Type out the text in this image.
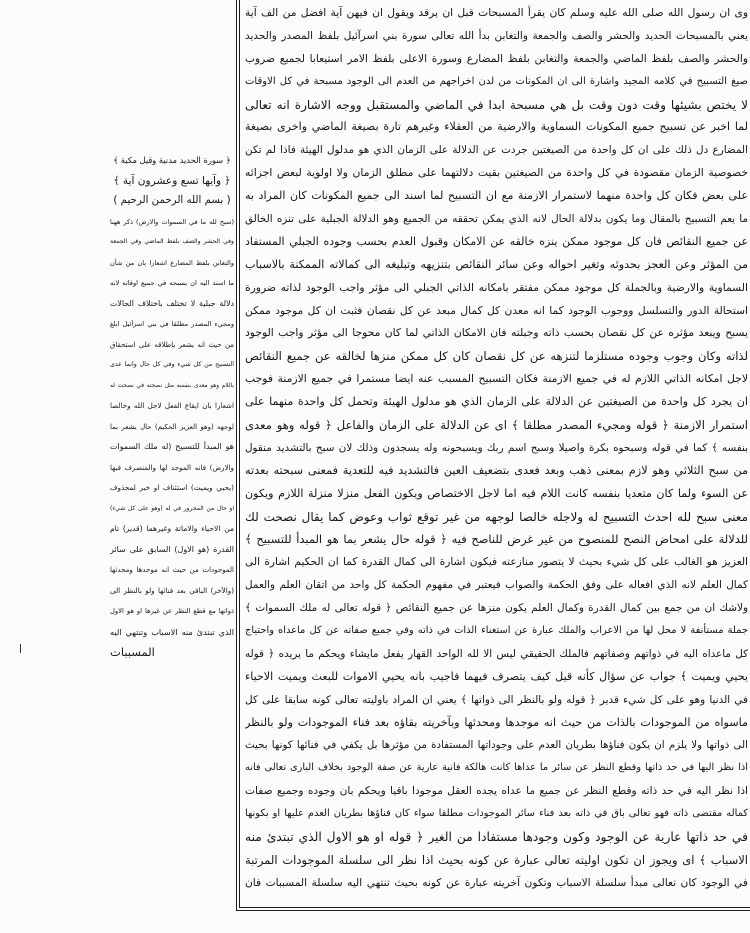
وى ان رسول الله صلى الله عليه وسلم كان يقرأ المسبحات قبل ان يرقد ويقول ان فيهن آية افضل من الف آية
يعني بالمسبحات الحديد والحشر والصف والجمعة والتغابن بدأ الله تعالى سورة بني اسرآئيل بلفظ المصدر والحديد
والحشر والصف بلفظ الماضي والجمعة والتغابن بلفظ المضارع وسورة الاعلى بلفظ الامر استيعابا لجميع ضروب
صيغ التسبيح في كلامه المجيد واشارة الى ان المكونات من لدن اخراجهم من العدم الى الوجود مسبحة في كل الاوقات
لا يختص بشيئها وقت دون وقت بل هي مسبحة ابدا في الماضي والمستقبل ووجه الاشارة انه تعالى
لما اخبر عن تسبيح جميع المكونات السماوية والارضية من العقلاء وغيرهم تارة بصيغة الماضي واخرى بصيغة
المضارع دل ذلك على ان كل واحدة من الصيغتين جردت عن الدلالة على الزمان الذي هو مدلول الهيئة فاذا لم تكن
خصوصية الزمان مقصودة في كل واحدة من الصيغتين بقيت دلالتهما على مطلق الزمان ولا اولوية لبعض اجزائه
على بعض فكان كل واحدة منهما لاستمرار الازمنة مع ان التسبيح لما اسند الى جميع المكونات كان المراد به
ما يعم التسبيح بالمقال وما يكون بدلالة الحال لانه الذي يمكن تحققه من الجميع وهو الدلالة الجبلية على تنزه الخالق
عن جميع النقائص فان كل موجود ممكن ينزه خالقه عن الامكان وقبول العدم بحسب وجوده الجبلي المستفاد
من المؤثر وعن العجز بحدوثه وتغير احواله وعن سائر النقائص بتنزيهه وتبليغه الى كمالاته الممكنة بالاسباب
السماوية والارضية وبالجملة كل موجود ممكن مفتقر بامكانه الذاتي الجبلي الى مؤثر واجب الوجود لذاته ضرورة
استحالة الدور والتسلسل ووجوب الوجود كما انه معدن كل كمال مبعد عن كل نقصان فثبت ان كل موجود ممكن
يسبح ويبعد مؤثره عن كل نقصان بحسب ذاته وجبلته فان الامكان الذاتي لما كان محوجا الى مؤثر واجب الوجود
لذاته وكان وجوب وجوده مستلزما لتنزهه عن كل نقصان كان كل ممكن منزها لخالقه عن جميع النقائص
لاجل امكانه الذاتي اللازم له في جميع الازمنة فكان التسبيح المسبب عنه ايضا مستمرا في جميع الازمنة فوجب
ان يجرد كل واحدة من الصيغتين عن الدلالة على الزمان الذي هو مدلول الهيئة وتحمل كل واحدة منهما على
استمرار الازمنة ﴿ قوله ومجيء المصدر مطلقا ﴾ اى عن الدلالة على الزمان والفاعل ﴿ قوله وهو معدى
بنفسه ﴾ كما في قوله وسبحوه بكرة واصيلا وسبح اسم ربك ويسبحونه وله يسجدون وذلك لان سبح بالتشديد منقول
من سبح الثلاثي وهو لازم بمعنى ذهب وبعد فعدى بتضعيف العين فالتشديد فيه للتعدية فمعنى سبحته بعدته
عن السوء ولما كان متعديا بنفسه كانت اللام فيه اما لاجل الاختصاص ويكون الفعل منزلا منزلة اللازم ويكون
معنى سبح لله احدث التسبيح له ولاجله خالصا لوجهه من غير توقع ثواب وعوض كما يقال نصحت لك
للدلالة على امحاض النصح للمنصوح من غير غرض للناصح فيه ﴿ قوله حال يشعر بما هو المبدأ للتسبيح ﴾
العزيز هو الغالب على كل شيء بحيث لا يتصور منازعته فيكون اشارة الى كمال القدرة كما ان الحكيم اشارة الى
كمال العلم لانه الذي افعاله على وفق الحكمة والصواب فيعتبر في مفهوم الحكمة كل واحد من اتقان العلم والعمل
ولاشك ان من جمع بين كمال القدرة وكمال العلم يكون منزها عن جميع النقائص ﴿ قوله تعالى له ملك السموات ﴾
جملة مستأنفة لا محل لها من الاعراب والملك عبارة عن استغناء الذات في ذاته وفي جميع صفاته عن كل ماعداه واحتياج
كل ماعداه اليه في ذواتهم وصفاتهم فالملك الحقيقي ليس الا لله الواحد القهار يفعل مايشاء ويحكم ما يريده ﴿ قوله
يحيي ويميت ﴾ جواب عن سؤال كأنه قيل كيف يتصرف فيهما فاجيب بانه يحيي الاموات للبعث ويميت الاحياء
في الدنيا وهو على كل شيء قدير ﴿ قوله ولو بالنظر الى ذواتها ﴾ يعني ان المراد باوليته تعالى كونه سابقا على كل
ماسواه من الموجودات بالذات من حيث انه موجدها ومحدثها وبآخريته بقاؤه بعد فناء الموجودات ولو بالنظر
الى ذواتها ولا يلزم ان يكون فناؤها بطريان العدم على وجوداتها المستفادة من مؤثرها بل يكفي في فنائها كونها بحيث
اذا نظر اليها في حد ذاتها وقطع النظر عن سائر ما عداها كانت هالكة فانية عارية عن صفة الوجود بخلاف البارى تعالى فانه
اذا نظر اليه في حد ذاته وقطع النظر عن جميع ما عداه يجده العقل موجودا باقيا ويحكم بان وجوده وجميع صفات
كماله مقتضى ذاته فهو تعالى باق في ذاته بعد فناء سائر الموجودات مطلقا سواء كان فناؤها بطريان العدم عليها او بكونها
في حد ذاتها عارية عن الوجود وكون وجودها مستفادا من الغير ﴿ قوله او هو الاول الذي تبتدئ منه
الاسباب ﴾ اى ويجوز ان تكون اوليته تعالى عبارة عن كونه بحيث اذا نظر الى سلسلة الموجودات المرتبة
في الوجود كان تعالى مبدأ سلسلة الاسباب وتكون آخريته عبارة عن كونه بحيث تنتهي اليه سلسلة المسببات فان
﴿ سورة الحديد مدنية وقيل مكية ﴾
﴿ وآيها تسع وعشرون آية ﴾
( بسم الله الرحمن الرحيم )
(سبح لله ما في السموات والارض) ذكر ههنا
وفي الحشر والصف بلفظ الماضي وفي الجمعة
والتغابن بلفظ المضارع اشعارا بان من شأن
ما اسند اليه ان يسبحه في جميع اوقاته لانه
دلالة جبلية لا تختلف باختلاف الحالات
ومجيء المصدر مطلقا في بني اسرآئيل ابلغ
من حيث انه يشعر باطلاقه على استحقاق
التسبيح من كل شيء وفي كل حال وانما عدى
باللام وهو معدى بنفسه مثل نصحته في نصحت له
اشعارا بان ايقاع الفعل لاجل الله وخالصا
لوجهه (وهو العزيز الحكيم) حال يشعر بما
هو المبدأ للتسبيح (له ملك السموات
والارض) فانه الموجد لها والمتصرف فيها
(يحيي ويميت) استئناف او خبر لمحذوف
او حال من المجرور في له (وهو على كل شيء)
من الاحياء والاماتة وغيرهما (قدير) تام
القدرة (هو الاول) السابق على سائر
الموجودات من حيث انه موجدها ومحدثها
(والآخر) الباقي بعد فنائها ولو بالنظر الى
ذواتها مع قطع النظر عن غيرها او هو الاول
الذي تبتدئ منه الاسباب وتنتهي اليه
المسببات
